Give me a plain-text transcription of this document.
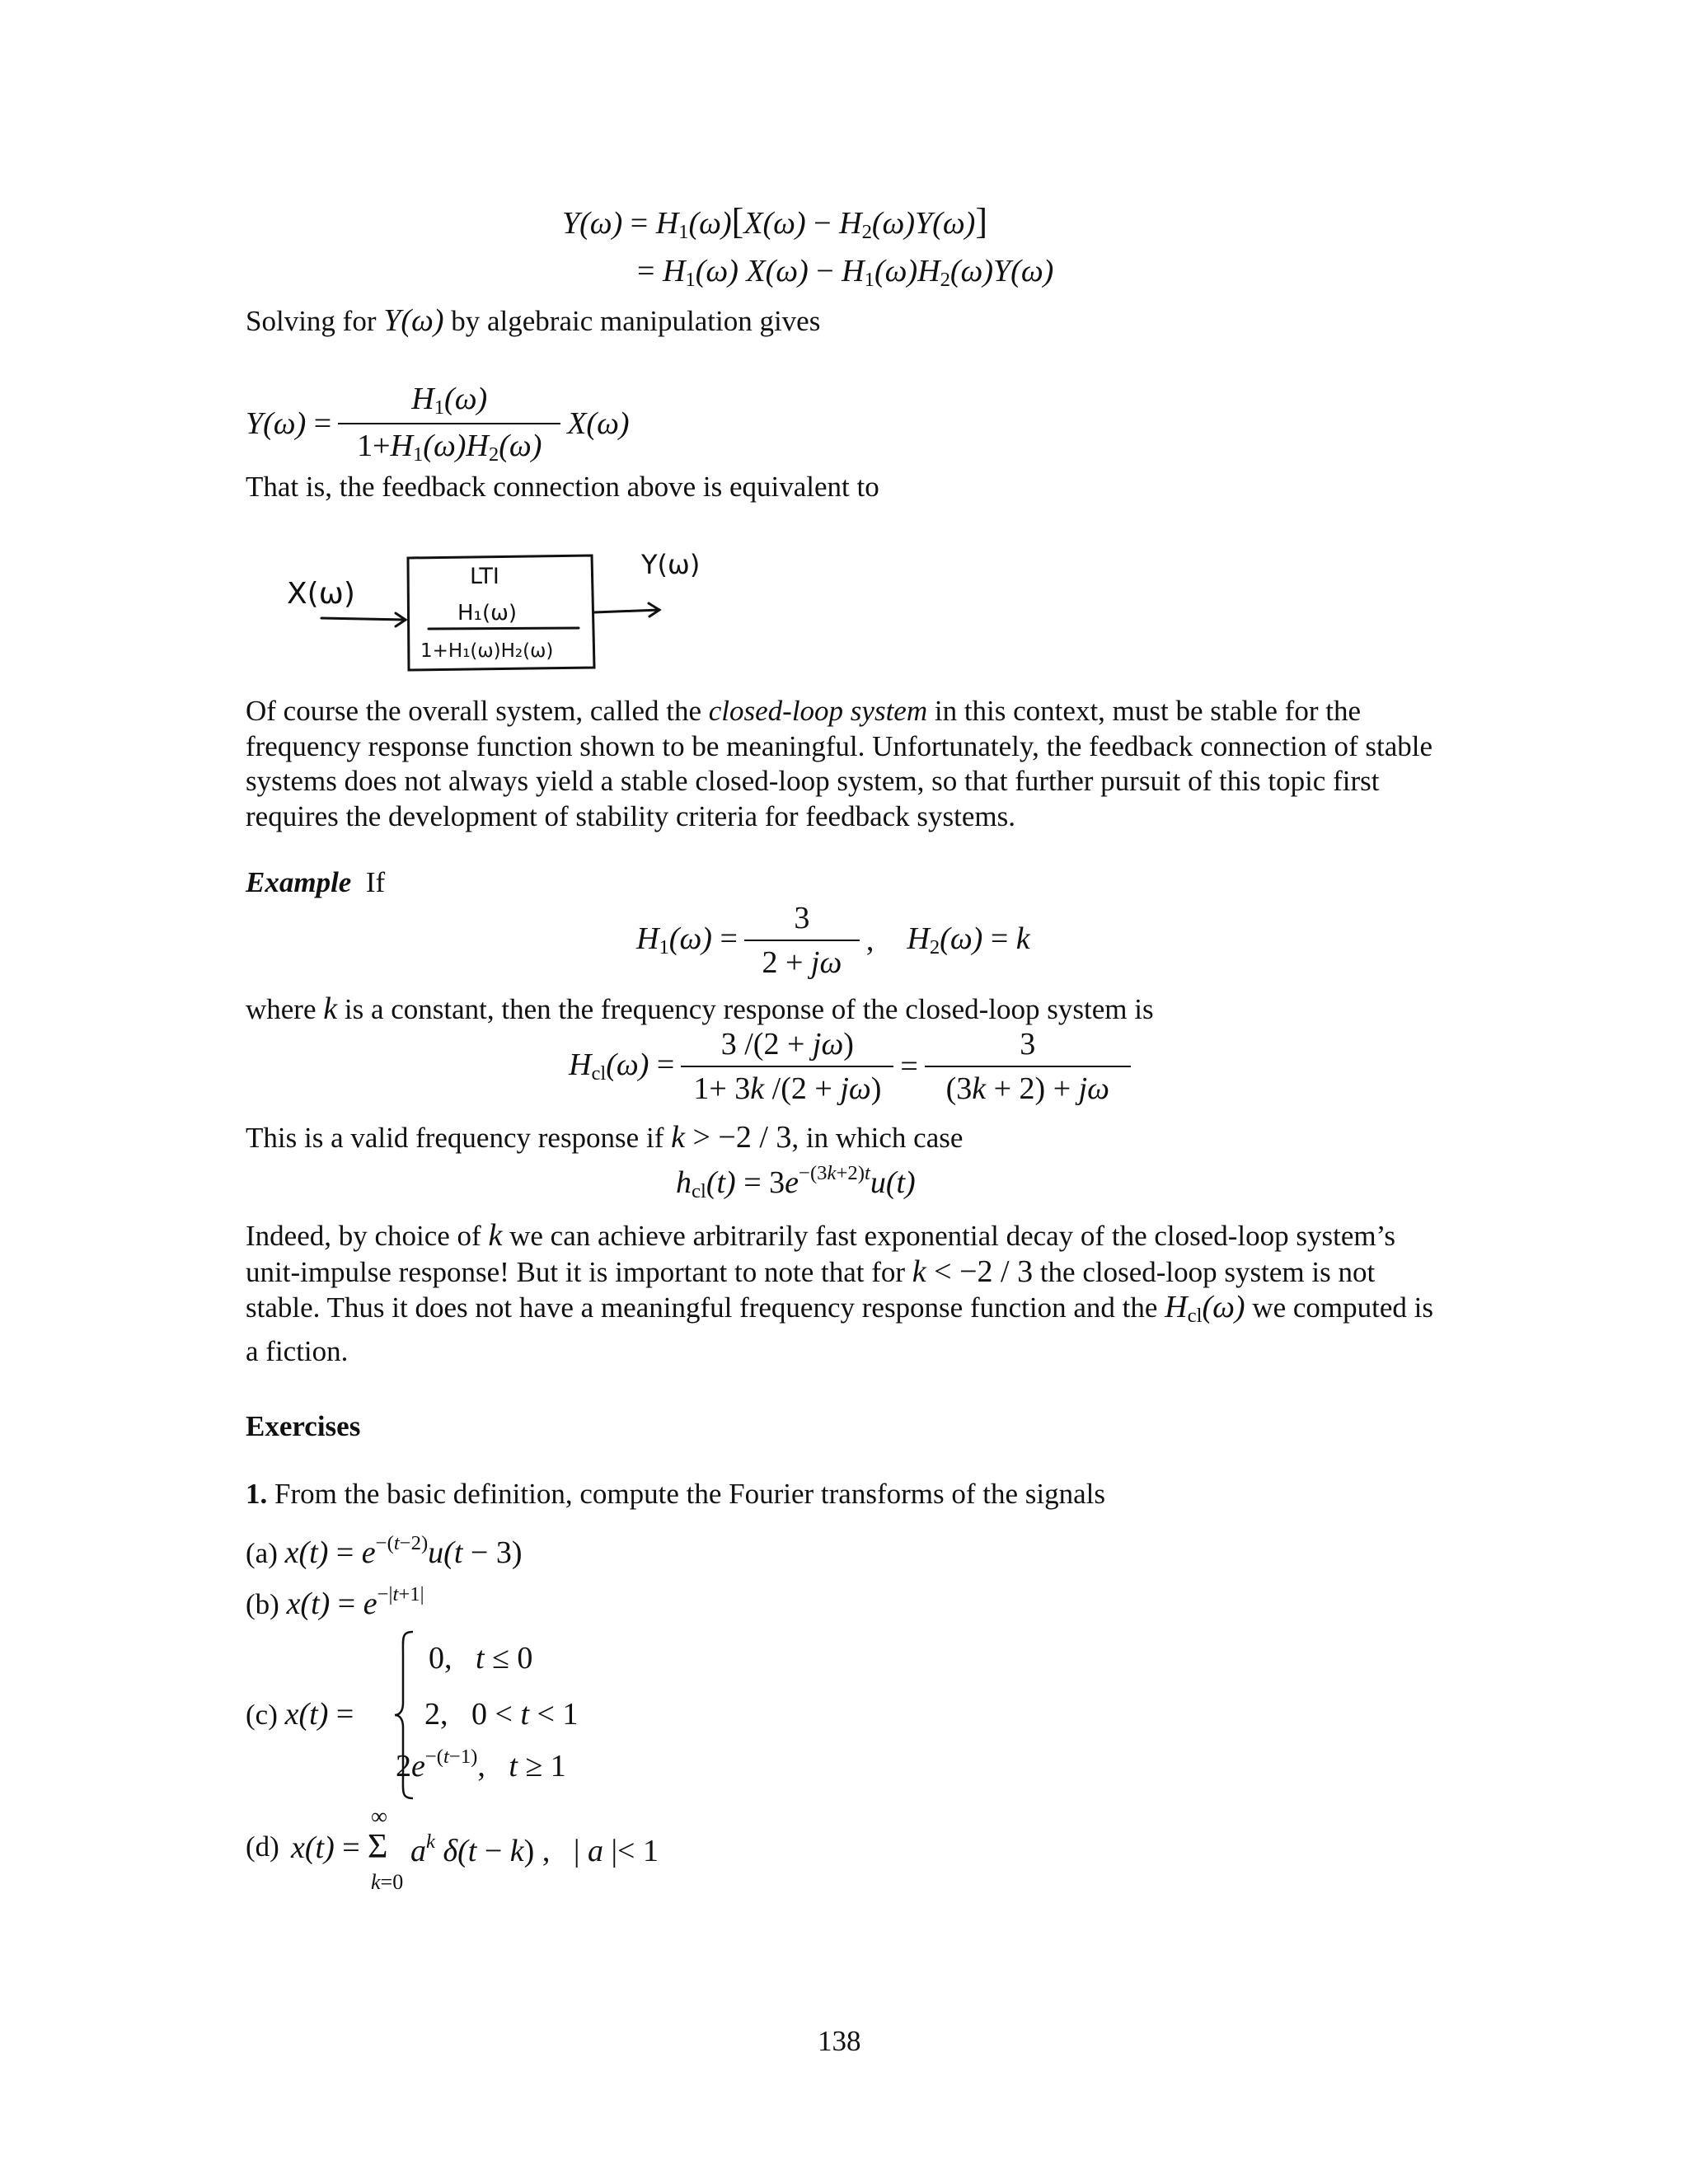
$Y(\omega) = H_1(\omega)[X(\omega) - H_2(\omega)Y(\omega)]$
= $H_1(\omega) X(\omega) - H_1(\omega)H_2(\omega)Y(\omega)$
Solving for Y(ω) by algebraic manipulation gives
$Y(\omega) = \frac{H_1(\omega)}{1+H_1(\omega)H_2(\omega)} X(\omega)$
That is, the feedback connection above is equivalent to
X(ω)
LTI
H₁(ω)
1+H₁(ω)H₂(ω)
Y(ω)
Of course the overall system, called the closed-loop system in this context, must be stable for the frequency response function shown to be meaningful. Unfortunately, the feedback connection of stable systems does not always yield a stable closed-loop system, so that further pursuit of this topic first requires the development of stability criteria for feedback systems.
Example If
$H_1(\omega) = \frac{3}{2 + j\omega}$ , $H_2(\omega) = k$
where k is a constant, then the frequency response of the closed-loop system is
$H_{cl}(\omega) = \frac{3 /(2 + j\omega)}{1+ 3k /(2 + j\omega)} = \frac{3}{(3k + 2) + j\omega}$
This is a valid frequency response if k > −2 / 3, in which case
$h_{cl}(t) = 3e^{-(3k+2)t}u(t)$
Indeed, by choice of k we can achieve arbitrarily fast exponential decay of the closed-loop system’s unit-impulse response! But it is important to note that for k < −2 / 3 the closed-loop system is not stable. Thus it does not have a meaningful frequency response function and the $H_{cl}(\omega)$ we computed is a fiction.
Exercises
1. From the basic definition, compute the Fourier transforms of the signals
(a) $x(t) = e^{-(t-2)}u(t - 3)$
(b) $x(t) = e^{-|t+1|}$
(c) x(t) =
0,   t ≤ 0
2, 0 < t < 1
$2e^{-(t-1)}$,   t ≥ 1
(d) x(t) =
∞
Σ
k=0
$a^k$ δ(t − k) , | a |< 1
138
